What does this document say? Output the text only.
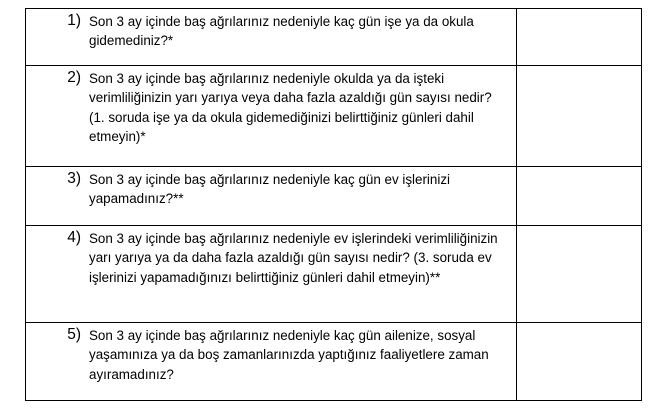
1) Son 3 ay içinde baş ağrılarınız nedeniyle kaç gün işe ya da okula gidemediniz?*	

2) Son 3 ay içinde baş ağrılarınız nedeniyle okulda ya da işteki verimliliğinizin yarı yarıya veya daha fazla azaldığı gün sayısı nedir? (1. soruda işe ya da okula gidemediğinizi belirttiğiniz günleri dahil etmeyin)*	

3) Son 3 ay içinde baş ağrılarınız nedeniyle kaç gün ev işlerinizi yapamadınız?**	

4) Son 3 ay içinde baş ağrılarınız nedeniyle ev işlerindeki verimliliğinizin yarı yarıya ya da daha fazla azaldığı gün sayısı nedir? (3. soruda ev işlerinizi yapamadığınızı belirttiğiniz günleri dahil etmeyin)**	

5) Son 3 ay içinde baş ağrılarınız nedeniyle kaç gün ailenize, sosyal yaşamınıza ya da boş zamanlarınızda yaptığınız faaliyetlere zaman ayıramadınız?	
